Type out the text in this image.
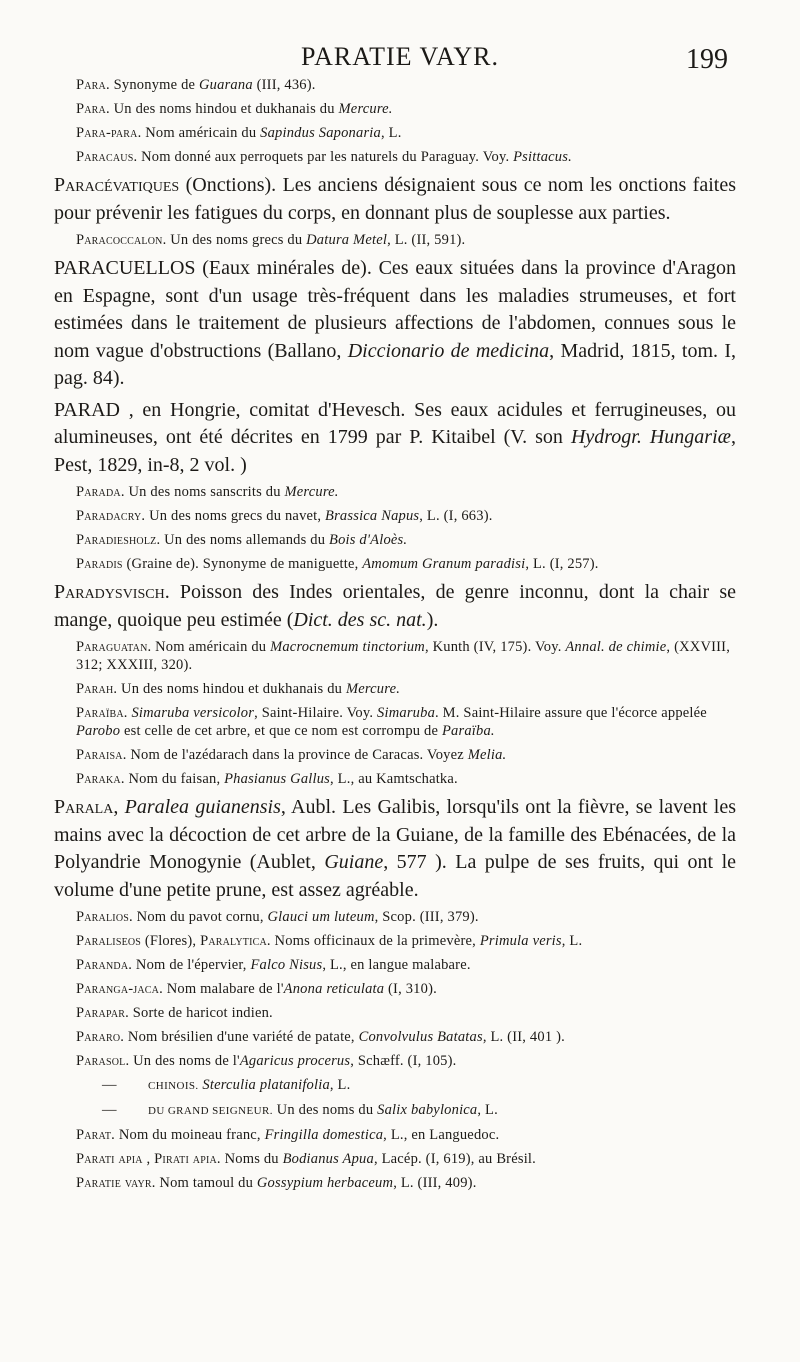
PARATIE VAYR.	199

Para. Synonyme de Guarana (III, 436).

Para. Un des noms hindou et dukhanais du Mercure.

Para-para. Nom américain du Sapindus Saponaria, L.

Paracaus. Nom donné aux perroquets par les naturels du Paraguay. Voy. Psittacus.

Paracévatiques (Onctions). Les anciens désignaient sous ce nom les onctions faites pour prévenir les fatigues du corps, en donnant plus de souplesse aux parties.

Paracoccalon. Un des noms grecs du Datura Metel, L. (II, 591).

PARACUELLOS (Eaux minérales de). Ces eaux situées dans la province d'Aragon en Espagne, sont d'un usage très-fréquent dans les maladies strumeuses, et fort estimées dans le traitement de plusieurs affections de l'abdomen, connues sous le nom vague d'obstructions (Ballano, Diccionario de medicina, Madrid, 1815, tom. I, pag. 84).

PARAD , en Hongrie, comitat d'Hevesch. Ses eaux acidules et ferrugineuses, ou alumineuses, ont été décrites en 1799 par P. Kitaibel (V. son Hydrogr. Hungariæ, Pest, 1829, in-8, 2 vol. )

Parada. Un des noms sanscrits du Mercure.

Paradacry. Un des noms grecs du navet, Brassica Napus, L. (I, 663).

Paradiesholz. Un des noms allemands du Bois d'Aloès.

Paradis (Graine de). Synonyme de maniguette, Amomum Granum paradisi, L. (I, 257).

Paradysvisch. Poisson des Indes orientales, de genre inconnu, dont la chair se mange, quoique peu estimée (Dict. des sc. nat.).

Paraguatan. Nom américain du Macrocnemum tinctorium, Kunth (IV, 175). Voy. Annal. de chimie, (XXVIII, 312; XXXIII, 320).

Parah. Un des noms hindou et dukhanais du Mercure.

Paraïba. Simaruba versicolor, Saint-Hilaire. Voy. Simaruba. M. Saint-Hilaire assure que l'écorce appelée Parobo est celle de cet arbre, et que ce nom est corrompu de Paraïba.

Paraisa. Nom de l'azédarach dans la province de Caracas. Voyez Melia.

Paraka. Nom du faisan, Phasianus Gallus, L., au Kamtschatka.

Parala, Paralea guianensis, Aubl. Les Galibis, lorsqu'ils ont la fièvre, se lavent les mains avec la décoction de cet arbre de la Guiane, de la famille des Ebénacées, de la Polyandrie Monogynie (Aublet, Guiane, 577 ). La pulpe de ses fruits, qui ont le volume d'une petite prune, est assez agréable.

Paralios. Nom du pavot cornu, Glauci um luteum, Scop. (III, 379).

Paraliseos (Flores), Paralytica. Noms officinaux de la primevère, Primula veris, L.

Paranda. Nom de l'épervier, Falco Nisus, L., en langue malabare.

Paranga-jaca. Nom malabare de l'Anona reticulata (I, 310).

Parapar. Sorte de haricot indien.

Pararo. Nom brésilien d'une variété de patate, Convolvulus Batatas, L. (II, 401 ).

Parasol. Un des noms de l'Agaricus procerus, Schæff. (I, 105).

—	CHINOIS. Sterculia platanifolia, L.

—	DU GRAND SEIGNEUR. Un des noms du Salix babylonica, L.

Parat. Nom du moineau franc, Fringilla domestica, L., en Languedoc.

Parati apia , Pirati apia. Noms du Bodianus Apua, Lacép. (I, 619), au Brésil.

Paratie vayr. Nom tamoul du Gossypium herbaceum, L. (III, 409).
